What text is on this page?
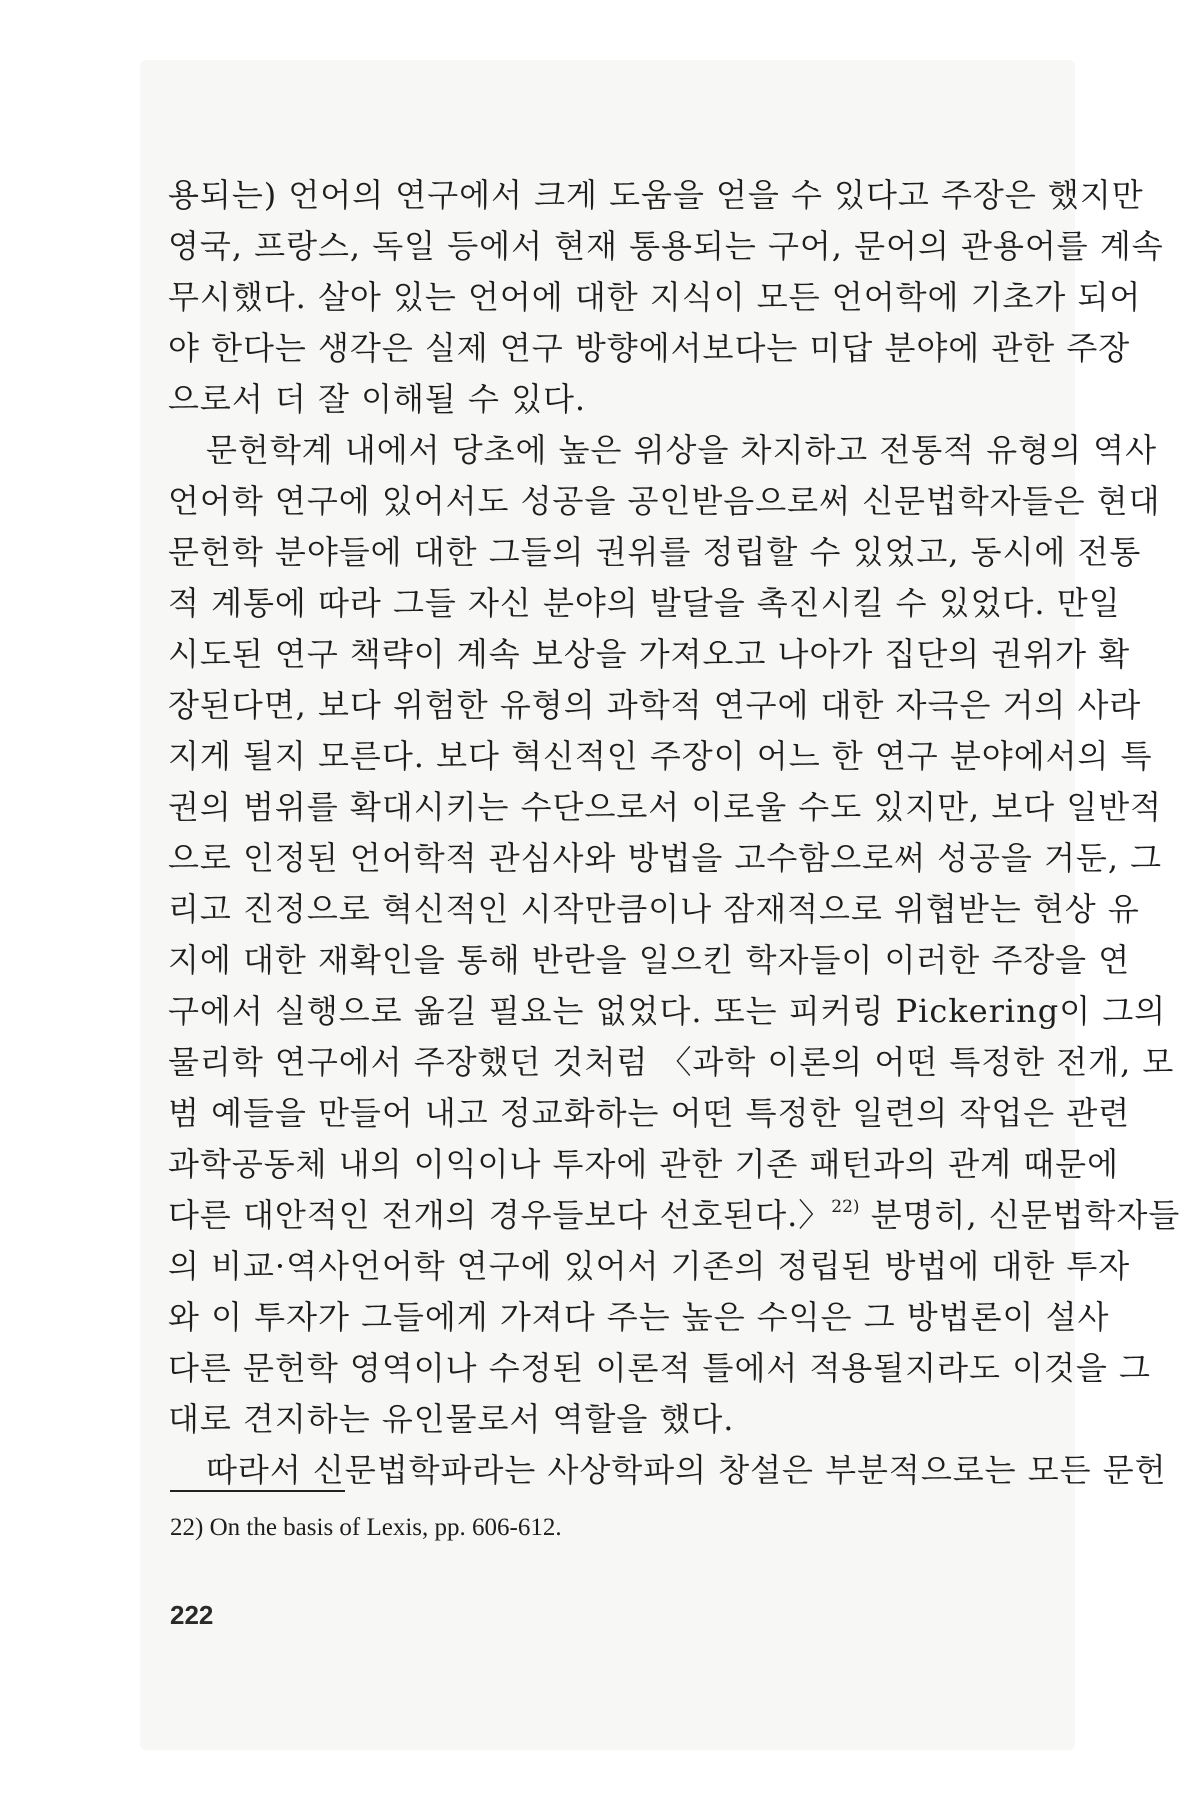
용되는) 언어의 연구에서 크게 도움을 얻을 수 있다고 주장은 했지만
영국, 프랑스, 독일 등에서 현재 통용되는 구어, 문어의 관용어를 계속
무시했다. 살아 있는 언어에 대한 지식이 모든 언어학에 기초가 되어
야 한다는 생각은 실제 연구 방향에서보다는 미답 분야에 관한 주장
으로서 더 잘 이해될 수 있다.
문헌학계 내에서 당초에 높은 위상을 차지하고 전통적 유형의 역사
언어학 연구에 있어서도 성공을 공인받음으로써 신문법학자들은 현대
문헌학 분야들에 대한 그들의 권위를 정립할 수 있었고, 동시에 전통
적 계통에 따라 그들 자신 분야의 발달을 촉진시킬 수 있었다. 만일
시도된 연구 책략이 계속 보상을 가져오고 나아가 집단의 권위가 확
장된다면, 보다 위험한 유형의 과학적 연구에 대한 자극은 거의 사라
지게 될지 모른다. 보다 혁신적인 주장이 어느 한 연구 분야에서의 특
권의 범위를 확대시키는 수단으로서 이로울 수도 있지만, 보다 일반적
으로 인정된 언어학적 관심사와 방법을 고수함으로써 성공을 거둔, 그
리고 진정으로 혁신적인 시작만큼이나 잠재적으로 위협받는 현상 유
지에 대한 재확인을 통해 반란을 일으킨 학자들이 이러한 주장을 연
구에서 실행으로 옮길 필요는 없었다. 또는 피커링 Pickering이 그의
물리학 연구에서 주장했던 것처럼 〈과학 이론의 어떤 특정한 전개, 모
범 예들을 만들어 내고 정교화하는 어떤 특정한 일련의 작업은 관련
과학공동체 내의 이익이나 투자에 관한 기존 패턴과의 관계 때문에
다른 대안적인 전개의 경우들보다 선호된다.〉$^{22)}$ 분명히, 신문법학자들
의 비교·역사언어학 연구에 있어서 기존의 정립된 방법에 대한 투자
와 이 투자가 그들에게 가져다 주는 높은 수익은 그 방법론이 설사
다른 문헌학 영역이나 수정된 이론적 틀에서 적용될지라도 이것을 그
대로 견지하는 유인물로서 역할을 했다.
따라서 신문법학파라는 사상학파의 창설은 부분적으로는 모든 문헌
22) On the basis of Lexis, pp. 606-612.
222
